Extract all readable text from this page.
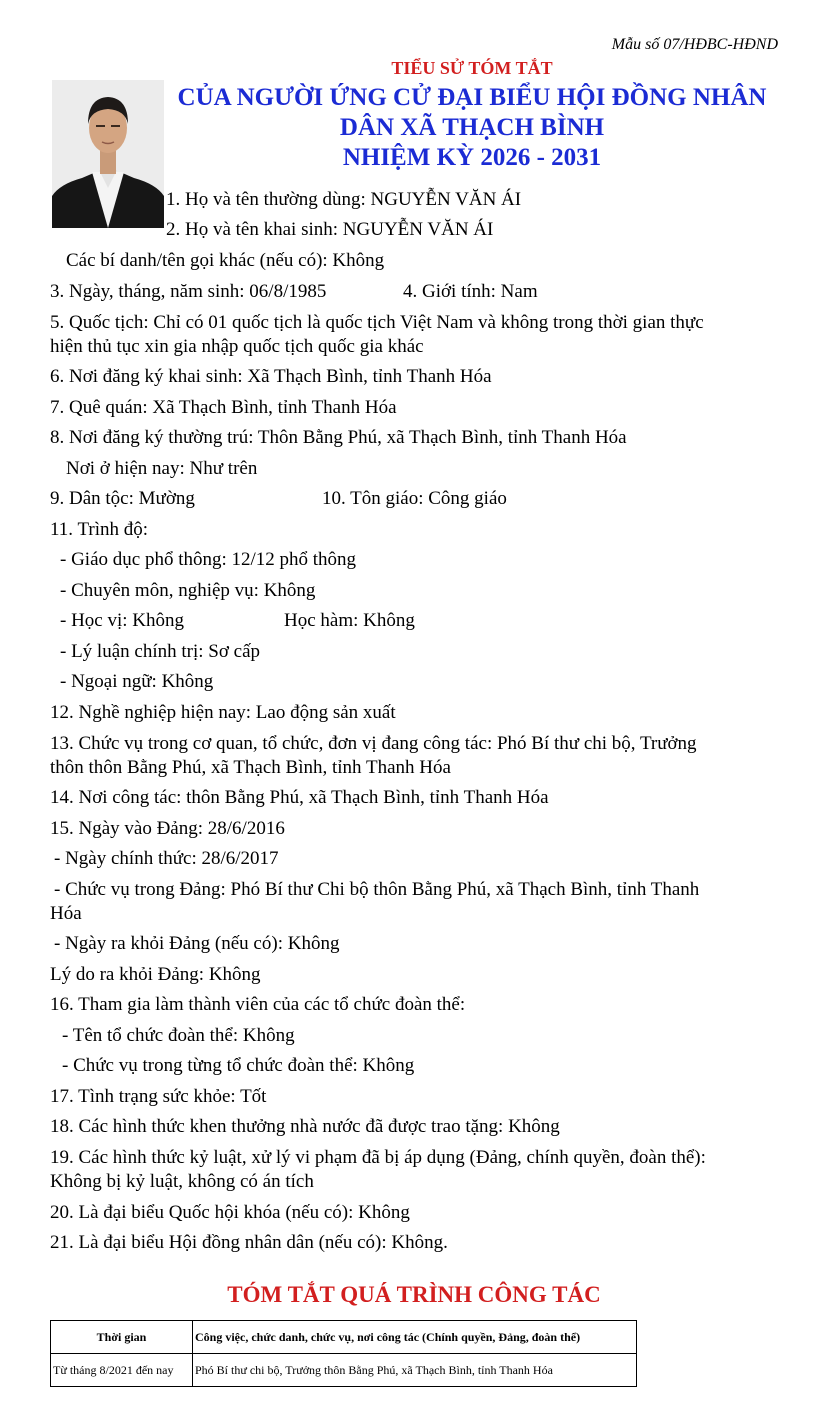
Mẫu số 07/HĐBC-HĐND
TIỂU SỬ TÓM TẮT
CỦA NGƯỜI ỨNG CỬ ĐẠI BIỂU HỘI ĐỒNG NHÂN
DÂN XÃ THẠCH BÌNH
NHIỆM KỲ 2026 - 2031
1. Họ và tên thường dùng: NGUYỄN VĂN ÁI
2. Họ và tên khai sinh: NGUYỄN VĂN ÁI
Các bí danh/tên gọi khác (nếu có): Không
3. Ngày, tháng, năm sinh: 06/8/1985	4. Giới tính: Nam
5. Quốc tịch: Chỉ có 01 quốc tịch là quốc tịch Việt Nam và không trong thời gian thực
hiện thủ tục xin gia nhập quốc tịch quốc gia khác
6. Nơi đăng ký khai sinh: Xã Thạch Bình, tỉnh Thanh Hóa
7. Quê quán: Xã Thạch Bình, tỉnh Thanh Hóa
8. Nơi đăng ký thường trú: Thôn Bằng Phú, xã Thạch Bình, tỉnh Thanh Hóa
Nơi ở hiện nay: Như trên
9. Dân tộc: Mường	10. Tôn giáo: Công giáo
11. Trình độ:
- Giáo dục phổ thông: 12/12 phổ thông
- Chuyên môn, nghiệp vụ: Không
- Học vị: Không	Học hàm: Không
- Lý luận chính trị: Sơ cấp
- Ngoại ngữ: Không
12. Nghề nghiệp hiện nay: Lao động sản xuất
13. Chức vụ trong cơ quan, tổ chức, đơn vị đang công tác: Phó Bí thư chi bộ, Trưởng
thôn thôn Bằng Phú, xã Thạch Bình, tỉnh Thanh Hóa
14. Nơi công tác: thôn Bằng Phú, xã Thạch Bình, tỉnh Thanh Hóa
15. Ngày vào Đảng: 28/6/2016
- Ngày chính thức: 28/6/2017
- Chức vụ trong Đảng: Phó Bí thư Chi bộ thôn Bằng Phú, xã Thạch Bình, tỉnh Thanh
Hóa
- Ngày ra khỏi Đảng (nếu có): Không
Lý do ra khỏi Đảng: Không
16. Tham gia làm thành viên của các tổ chức đoàn thể:
- Tên tổ chức đoàn thể: Không
- Chức vụ trong từng tổ chức đoàn thể: Không
17. Tình trạng sức khỏe: Tốt
18. Các hình thức khen thưởng nhà nước đã được trao tặng: Không
19. Các hình thức kỷ luật, xử lý vi phạm đã bị áp dụng (Đảng, chính quyền, đoàn thể):
Không bị kỷ luật, không có án tích
20. Là đại biểu Quốc hội khóa (nếu có): Không
21. Là đại biểu Hội đồng nhân dân (nếu có): Không.
TÓM TẮT QUÁ TRÌNH CÔNG TÁC
Thời gian	Công việc, chức danh, chức vụ, nơi công tác (Chính quyền, Đảng, đoàn thể)
Từ tháng 8/2021 đến nay	Phó Bí thư chi bộ, Trưởng thôn Bằng Phú, xã Thạch Bình, tỉnh Thanh Hóa
